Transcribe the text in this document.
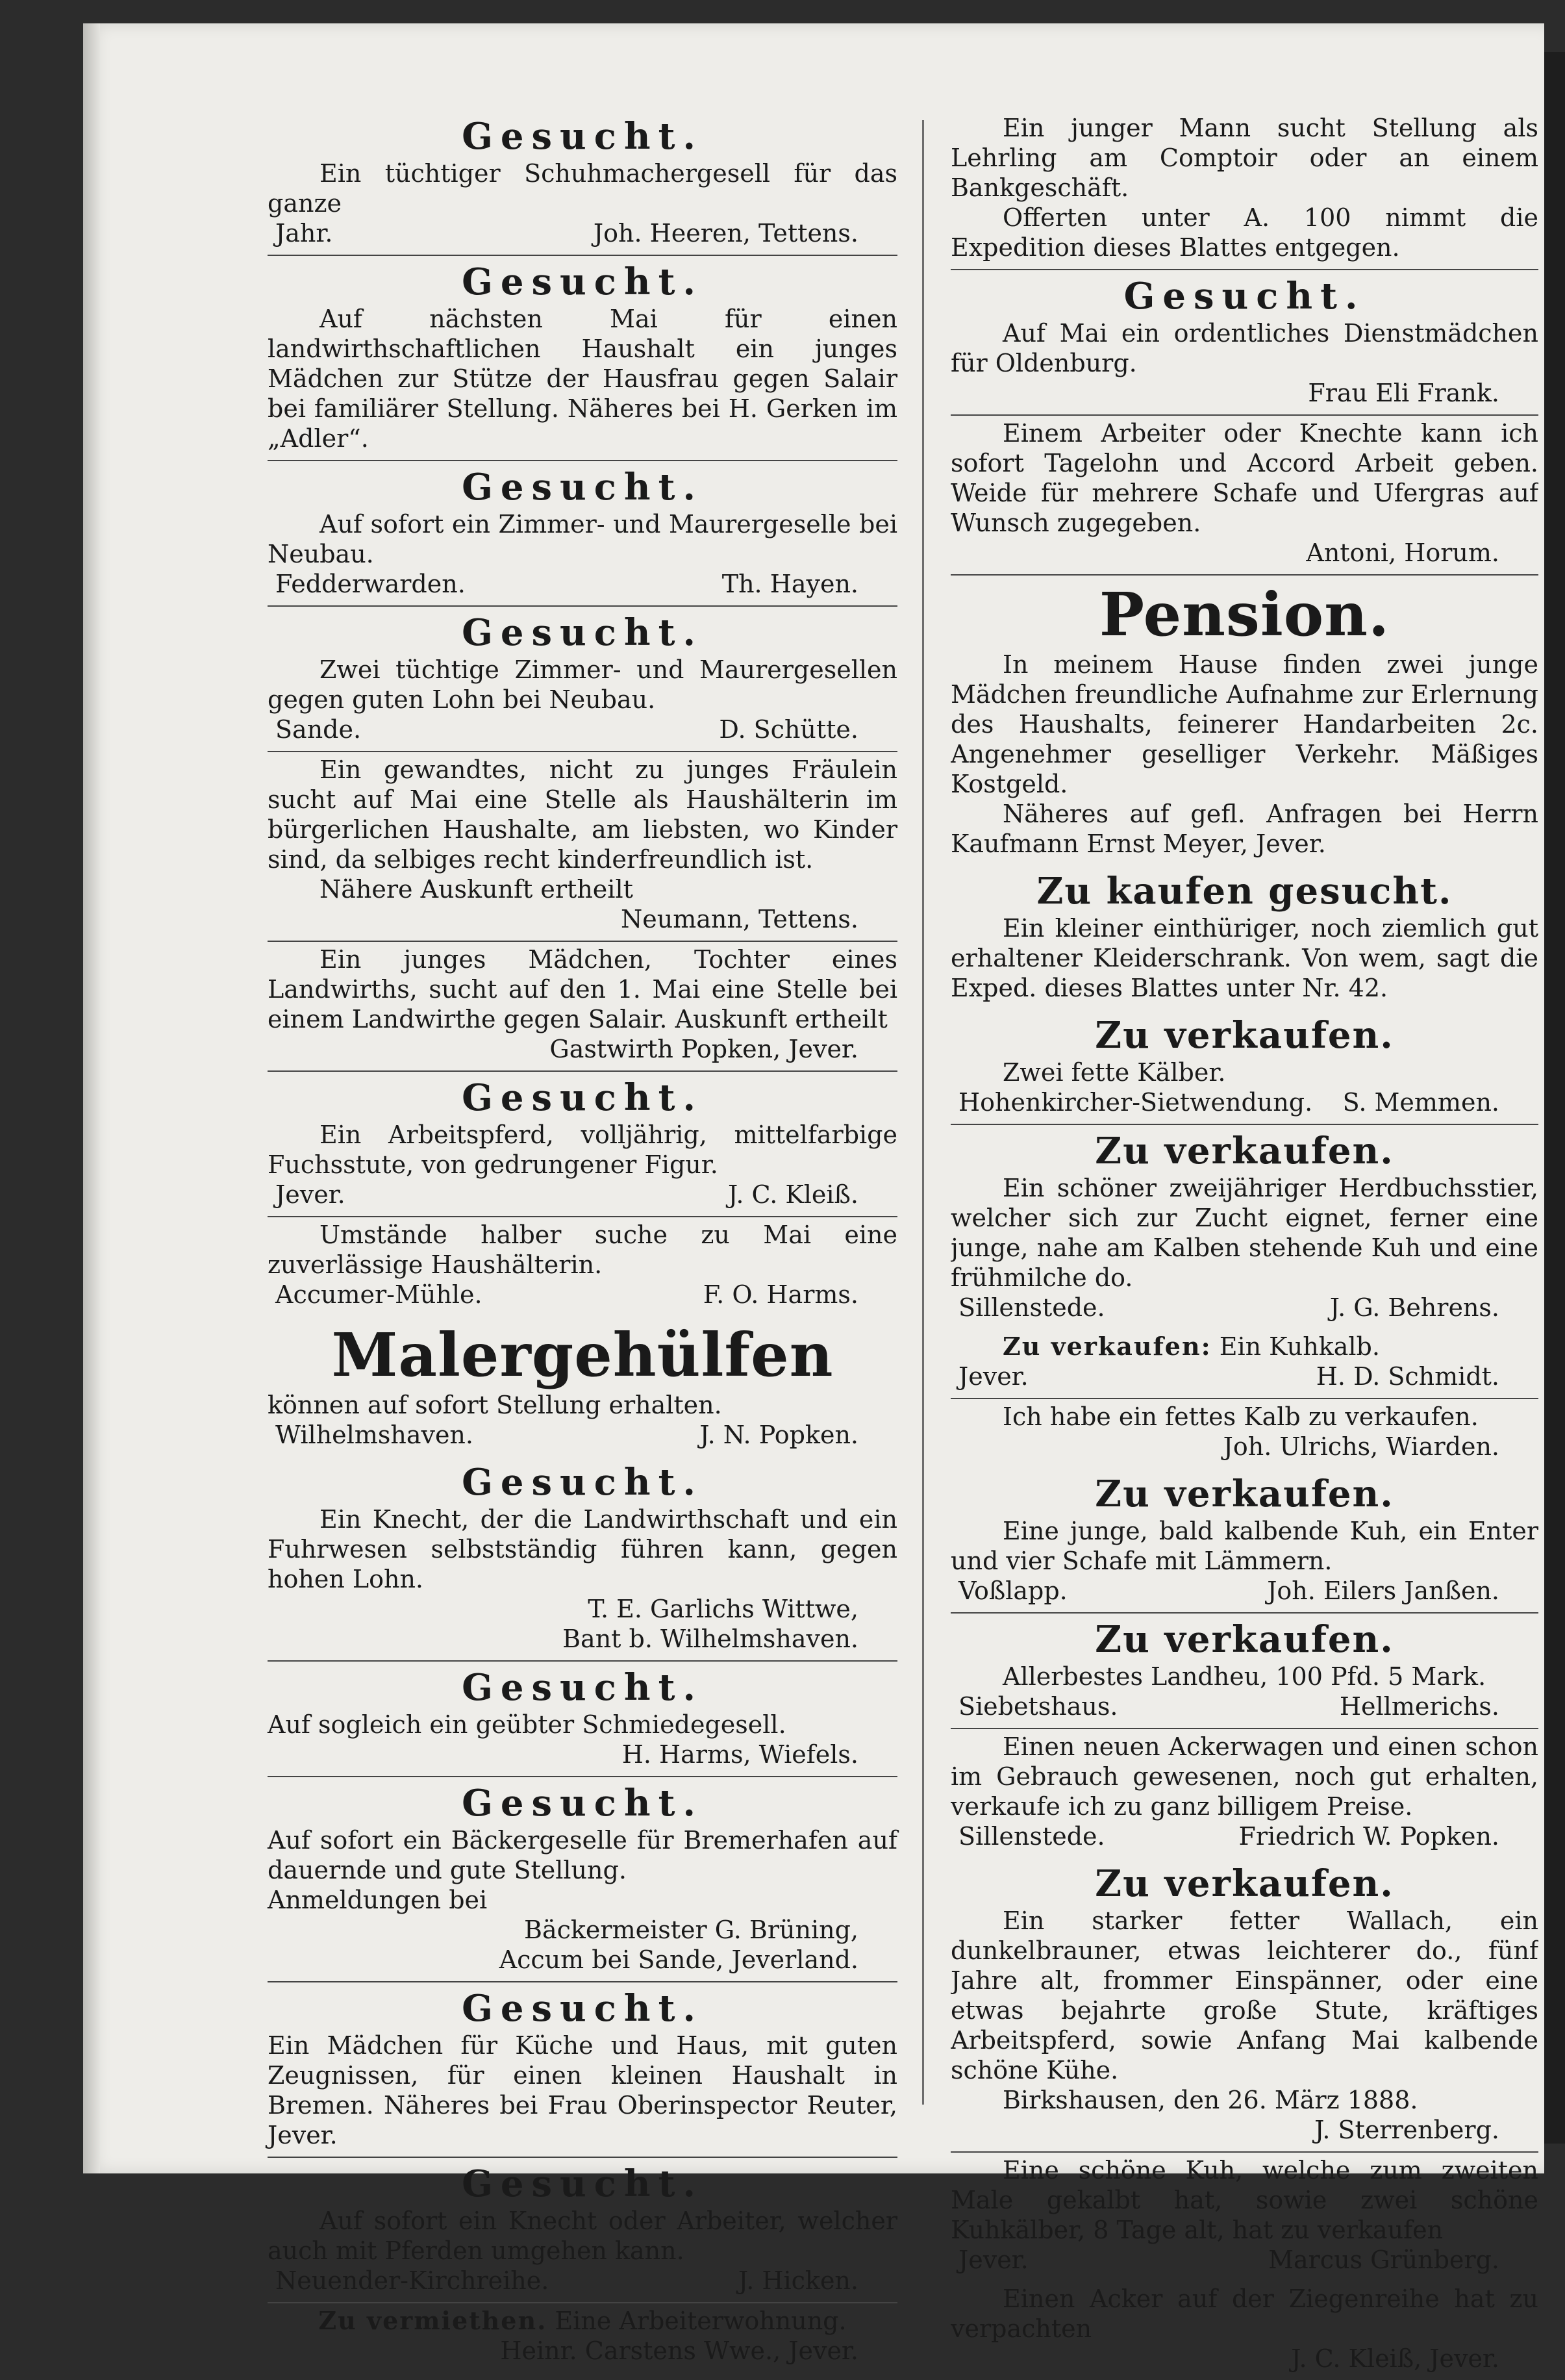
Gesucht.
Ein tüchtiger Schuhmachergesell für das ganze
Jahr.	Joh. Heeren, Tettens.
Gesucht.
Auf nächsten Mai für einen landwirthschaftlichen Haushalt ein junges Mädchen zur Stütze der Hausfrau gegen Salair bei familiärer Stellung. Näheres bei H. Gerken im „Adler“.
Gesucht.
Auf sofort ein Zimmer- und Maurergeselle bei Neubau.
Fedderwarden.	Th. Hayen.
Gesucht.
Zwei tüchtige Zimmer- und Maurergesellen gegen guten Lohn bei Neubau.
Sande.	D. Schütte.
Ein gewandtes, nicht zu junges Fräulein sucht auf Mai eine Stelle als Haushälterin im bürgerlichen Haushalte, am liebsten, wo Kinder sind, da selbiges recht kinderfreundlich ist.
Nähere Auskunft ertheilt
Neumann, Tettens.
Ein junges Mädchen, Tochter eines Landwirths, sucht auf den 1. Mai eine Stelle bei einem Landwirthe gegen Salair. Auskunft ertheilt
Gastwirth Popken, Jever.
Gesucht.
Ein Arbeitspferd, volljährig, mittelfarbige Fuchsstute, von gedrungener Figur.
Jever.	J. C. Kleiß.
Umstände halber suche zu Mai eine zuverlässige Haushälterin.
Accumer-Mühle.	F. O. Harms.
Malergehülfen
können auf sofort Stellung erhalten.
Wilhelmshaven.	J. N. Popken.
Gesucht.
Ein Knecht, der die Landwirthschaft und ein Fuhrwesen selbstständig führen kann, gegen hohen Lohn.
T. E. Garlichs Wittwe,
Bant b. Wilhelmshaven.
Gesucht.
Auf sogleich ein geübter Schmiedegesell.
H. Harms, Wiefels.
Gesucht.
Auf sofort ein Bäckergeselle für Bremerhafen auf dauernde und gute Stellung.
Anmeldungen bei
Bäckermeister G. Brüning,
Accum bei Sande, Jeverland.
Gesucht.
Ein Mädchen für Küche und Haus, mit guten Zeugnissen, für einen kleinen Haushalt in Bremen. Näheres bei Frau Oberinspector Reuter, Jever.
Gesucht.
Auf sofort ein Knecht oder Arbeiter, welcher auch mit Pferden umgehen kann.
Neuender-Kirchreihe.	J. Hicken.
Zu vermiethen. Eine Arbeiterwohnung.
Heinr. Carstens Wwe., Jever.
Ein junger Mann sucht Stellung als Lehrling am Comptoir oder an einem Bankgeschäft.
Offerten unter A. 100 nimmt die Expedition dieses Blattes entgegen.
Gesucht.
Auf Mai ein ordentliches Dienstmädchen für Oldenburg.
Frau Eli Frank.
Einem Arbeiter oder Knechte kann ich sofort Tagelohn und Accord Arbeit geben. Weide für mehrere Schafe und Ufergras auf Wunsch zugegeben.
Antoni, Horum.
Pension.
In meinem Hause finden zwei junge Mädchen freundliche Aufnahme zur Erlernung des Haushalts, feinerer Handarbeiten 2c. Angenehmer geselliger Verkehr. Mäßiges Kostgeld.
Näheres auf gefl. Anfragen bei Herrn Kaufmann Ernst Meyer, Jever.
Zu kaufen gesucht.
Ein kleiner einthüriger, noch ziemlich gut erhaltener Kleiderschrank. Von wem, sagt die Exped. dieses Blattes unter Nr. 42.
Zu verkaufen.
Zwei fette Kälber.
Hohenkircher-Sietwendung. S. Memmen.
Zu verkaufen.
Ein schöner zweijähriger Herdbuchsstier, welcher sich zur Zucht eignet, ferner eine junge, nahe am Kalben stehende Kuh und eine frühmilche do.
Sillenstede.	J. G. Behrens.
Zu verkaufen: Ein Kuhkalb.
Jever.	H. D. Schmidt.
Ich habe ein fettes Kalb zu verkaufen.
Joh. Ulrichs, Wiarden.
Zu verkaufen.
Eine junge, bald kalbende Kuh, ein Enter und vier Schafe mit Lämmern.
Voßlapp.	Joh. Eilers Janßen.
Zu verkaufen.
Allerbestes Landheu, 100 Pfd. 5 Mark.
Siebetshaus.	Hellmerichs.
Einen neuen Ackerwagen und einen schon im Gebrauch gewesenen, noch gut erhalten, verkaufe ich zu ganz billigem Preise.
Sillenstede.	Friedrich W. Popken.
Zu verkaufen.
Ein starker fetter Wallach, ein dunkelbrauner, etwas leichterer do., fünf Jahre alt, frommer Einspänner, oder eine etwas bejahrte große Stute, kräftiges Arbeitspferd, sowie Anfang Mai kalbende schöne Kühe.
Birkshausen, den 26. März 1888.
J. Sterrenberg.
Eine schöne Kuh, welche zum zweiten Male gekalbt hat, sowie zwei schöne Kuhkälber, 8 Tage alt, hat zu verkaufen
Jever.	Marcus Grünberg.
Einen Acker auf der Ziegenreihe hat zu verpachten
J. C. Kleiß, Jever.
